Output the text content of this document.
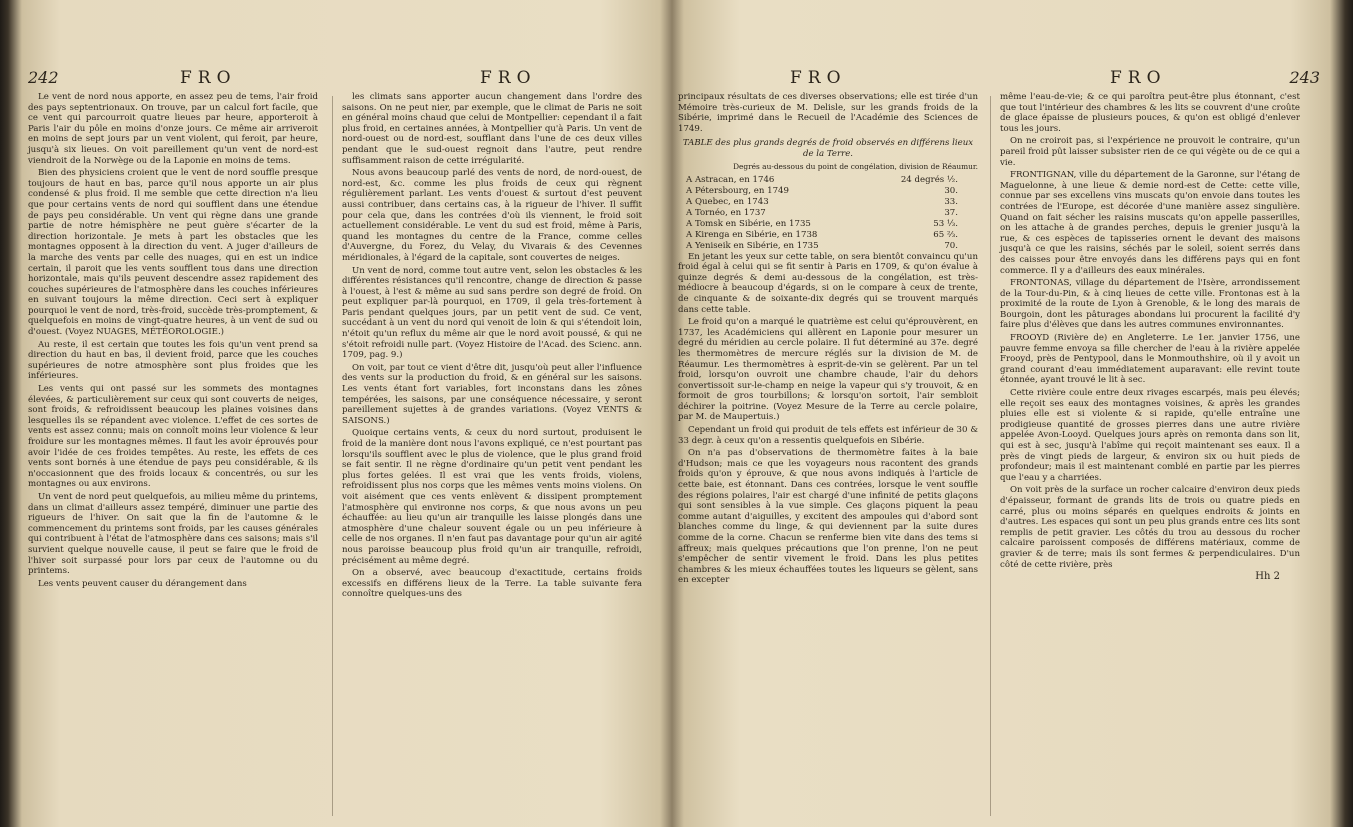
242	FRO	FRO

Le vent de nord nous apporte, en assez peu de tems, l'air froid des pays septentrionaux. On trouve, par un calcul fort facile, que ce vent qui parcourroit quatre lieues par heure, apporteroit à Paris l'air du pôle en moins d'onze jours. Ce même air arriveroit en moins de sept jours par un vent violent, qui feroit, par heure, jusqu'à six lieues. On voit pareillement qu'un vent de nord-est viendroit de la Norwège ou de la Laponie en moins de tems.

Bien des physiciens croient que le vent de nord souffle presque toujours de haut en bas, parce qu'il nous apporte un air plus condensé & plus froid. Il me semble que cette direction n'a lieu que pour certains vents de nord qui soufflent dans une étendue de pays peu considérable. Un vent qui règne dans une grande partie de notre hémisphère ne peut guère s'écarter de la direction horizontale. Je mets à part les obstacles que les montagnes opposent à la direction du vent. A juger d'ailleurs de la marche des vents par celle des nuages, qui en est un indice certain, il paroit que les vents soufflent tous dans une direction horizontale, mais qu'ils peuvent descendre assez rapidement des couches supérieures de l'atmosphère dans les couches inférieures en suivant toujours la même direction. Ceci sert à expliquer pourquoi le vent de nord, très-froid, succède très-promptement, & quelquefois en moins de vingt-quatre heures, à un vent de sud ou d'ouest. (Voyez NUAGES, MÉTÉOROLOGIE.)

Au reste, il est certain que toutes les fois qu'un vent prend sa direction du haut en bas, il devient froid, parce que les couches supérieures de notre atmosphère sont plus froides que les inférieures.

Les vents qui ont passé sur les sommets des montagnes élevées, & particulièrement sur ceux qui sont couverts de neiges, sont froids, & refroidissent beaucoup les plaines voisines dans lesquelles ils se répandent avec violence. L'effet de ces sortes de vents est assez connu; mais on connoît moins leur violence & leur froidure sur les montagnes mêmes. Il faut les avoir éprouvés pour avoir l'idée de ces froides tempêtes. Au reste, les effets de ces vents sont bornés à une étendue de pays peu considérable, & ils n'occasionnent que des froids locaux & concentrés, ou sur les montagnes ou aux environs.

Un vent de nord peut quelquefois, au milieu même du printems, dans un climat d'ailleurs assez tempéré, diminuer une partie des rigueurs de l'hiver. On sait que la fin de l'automne & le commencement du printems sont froids, par les causes générales qui contribuent à l'état de l'atmosphère dans ces saisons; mais s'il survient quelque nouvelle cause, il peut se faire que le froid de l'hiver soit surpassé pour lors par ceux de l'automne ou du printems.

Les vents peuvent causer du dérangement dans

les climats sans apporter aucun changement dans l'ordre des saisons. On ne peut nier, par exemple, que le climat de Paris ne soit en général moins chaud que celui de Montpellier: cependant il a fait plus froid, en certaines années, à Montpellier qu'à Paris. Un vent de nord-ouest ou de nord-est, soufflant dans l'une de ces deux villes pendant que le sud-ouest regnoit dans l'autre, peut rendre suffisamment raison de cette irrégularité.

Nous avons beaucoup parlé des vents de nord, de nord-ouest, de nord-est, &c. comme les plus froids de ceux qui règnent régulièrement parlant. Les vents d'ouest & surtout d'est peuvent aussi contribuer, dans certains cas, à la rigueur de l'hiver. Il suffit pour cela que, dans les contrées d'où ils viennent, le froid soit actuellement considérable. Le vent du sud est froid, même à Paris, quand les montagnes du centre de la France, comme celles d'Auvergne, du Forez, du Velay, du Vivarais & des Cevennes méridionales, à l'égard de la capitale, sont couvertes de neiges.

Un vent de nord, comme tout autre vent, selon les obstacles & les différentes résistances qu'il rencontre, change de direction & passe à l'ouest, à l'est & même au sud sans perdre son degré de froid. On peut expliquer par-là pourquoi, en 1709, il gela très-fortement à Paris pendant quelques jours, par un petit vent de sud. Ce vent, succédant à un vent du nord qui venoit de loin & qui s'étendoit loin, n'étoit qu'un reflux du même air que le nord avoit poussé, & qui ne s'étoit refroidi nulle part. (Voyez Histoire de l'Acad. des Scienc. ann. 1709, pag. 9.)

On voit, par tout ce vient d'être dit, jusqu'où peut aller l'influence des vents sur la production du froid, & en général sur les saisons. Les vents étant fort variables, fort inconstans dans les zônes tempérées, les saisons, par une conséquence nécessaire, y seront pareillement sujettes à de grandes variations. (Voyez VENTS & SAISONS.)

Quoique certains vents, & ceux du nord surtout, produisent le froid de la manière dont nous l'avons expliqué, ce n'est pourtant pas lorsqu'ils soufflent avec le plus de violence, que le plus grand froid se fait sentir. Il ne règne d'ordinaire qu'un petit vent pendant les plus fortes gelées. Il est vrai que les vents froids, violens, refroidissent plus nos corps que les mêmes vents moins violens. On voit aisément que ces vents enlèvent & dissipent promptement l'atmosphère qui environne nos corps, & que nous avons un peu échauffée: au lieu qu'un air tranquille les laisse plongés dans une atmosphère d'une chaleur souvent égale ou un peu inférieure à celle de nos organes. Il n'en faut pas davantage pour qu'un air agité nous paroisse beaucoup plus froid qu'un air tranquille, refroidi, précisément au même degré.

On a observé, avec beaucoup d'exactitude, certains froids excessifs en différens lieux de la Terre. La table suivante fera connoître quelques-uns des

FRO	FRO	243

principaux résultats de ces diverses observations; elle est tirée d'un Mémoire très-curieux de M. Delisle, sur les grands froids de la Sibérie, imprimé dans le Recueil de l'Académie des Sciences de 1749.

TABLE des plus grands degrés de froid observés en différens lieux de la Terre.

Degrés au-dessous du point de congélation, division de Réaumur.
A Astracan, en 1746	24 degrés ½.
A Pétersbourg, en 1749	30.
A Quebec, en 1743	33.
A Tornéo, en 1737	37.
A Tomsk en Sibérie, en 1735	53 ⅓.
A Kirenga en Sibérie, en 1738	65 ⅔.
A Yeniseik en Sibérie, en 1735	70.

En jetant les yeux sur cette table, on sera bientôt convaincu qu'un froid égal à celui qui se fit sentir à Paris en 1709, & qu'on évalue à quinze degrés & demi au-dessous de la congélation, est très-médiocre à beaucoup d'égards, si on le compare à ceux de trente, de cinquante & de soixante-dix degrés qui se trouvent marqués dans cette table.

Le froid qu'on a marqué le quatrième est celui qu'éprouvèrent, en 1737, les Académiciens qui allèrent en Laponie pour mesurer un degré du méridien au cercle polaire. Il fut déterminé au 37e. degré les thermomètres de mercure réglés sur la division de M. de Réaumur. Les thermomètres à esprit-de-vin se gelèrent. Par un tel froid, lorsqu'on ouvroit une chambre chaude, l'air du dehors convertissoit sur-le-champ en neige la vapeur qui s'y trouvoit, & en formoit de gros tourbillons; & lorsqu'on sortoit, l'air sembloit déchirer la poitrine. (Voyez Mesure de la Terre au cercle polaire, par M. de Maupertuis.)

Cependant un froid qui produit de tels effets est inférieur de 30 & 33 degr. à ceux qu'on a ressentis quelquefois en Sibérie.

On n'a pas d'observations de thermomètre faites à la baie d'Hudson; mais ce que les voyageurs nous racontent des grands froids qu'on y éprouve, & que nous avons indiqués à l'article de cette baie, est étonnant. Dans ces contrées, lorsque le vent souffle des régions polaires, l'air est chargé d'une infinité de petits glaçons qui sont sensibles à la vue simple. Ces glaçons piquent la peau comme autant d'aiguilles, y excitent des ampoules qui d'abord sont blanches comme du linge, & qui deviennent par la suite dures comme de la corne. Chacun se renferme bien vite dans des tems si affreux; mais quelques précautions que l'on prenne, l'on ne peut s'empêcher de sentir vivement le froid. Dans les plus petites chambres & les mieux échauffées toutes les liqueurs se gèlent, sans en excepter

même l'eau-de-vie; & ce qui paroîtra peut-être plus étonnant, c'est que tout l'intérieur des chambres & les lits se couvrent d'une croûte de glace épaisse de plusieurs pouces, & qu'on est obligé d'enlever tous les jours.

On ne croiroit pas, si l'expérience ne prouvoit le contraire, qu'un pareil froid pût laisser subsister rien de ce qui végète ou de ce qui a vie.

FRONTIGNAN, ville du département de la Garonne, sur l'étang de Maguelonne, à une lieue & demie nord-est de Cette: cette ville, connue par ses excellens vins muscats qu'on envoie dans toutes les contrées de l'Europe, est décorée d'une manière assez singulière. Quand on fait sécher les raisins muscats qu'on appelle passerilles, on les attache à de grandes perches, depuis le grenier jusqu'à la rue, & ces espèces de tapisseries ornent le devant des maisons jusqu'à ce que les raisins, séchés par le soleil, soient serrés dans des caisses pour être envoyés dans les différens pays qui en font commerce. Il y a d'ailleurs des eaux minérales.

FRONTONAS, village du département de l'Isère, arrondissement de la Tour-du-Pin, & à cinq lieues de cette ville. Frontonas est à la proximité de la route de Lyon à Grenoble, & le long des marais de Bourgoin, dont les pâturages abondans lui procurent la facilité d'y faire plus d'élèves que dans les autres communes environnantes.

FROOYD (Rivière de) en Angleterre. Le 1er. janvier 1756, une pauvre femme envoya sa fille chercher de l'eau à la rivière appelée Frooyd, près de Pentypool, dans le Monmouthshire, où il y avoit un grand courant d'eau immédiatement auparavant: elle revint toute étonnée, ayant trouvé le lit à sec.

Cette rivière coule entre deux rivages escarpés, mais peu élevés; elle reçoit ses eaux des montagnes voisines, & après les grandes pluies elle est si violente & si rapide, qu'elle entraîne une prodigieuse quantité de grosses pierres dans une autre rivière appelée Avon-Looyd. Quelques jours après on remonta dans son lit, qui est à sec, jusqu'à l'abîme qui reçoit maintenant ses eaux. Il a près de vingt pieds de largeur, & environ six ou huit pieds de profondeur; mais il est maintenant comblé en partie par les pierres que l'eau y a charriées.

On voit près de la surface un rocher calcaire d'environ deux pieds d'épaisseur, formant de grands lits de trois ou quatre pieds en carré, plus ou moins séparés en quelques endroits & joints en d'autres. Les espaces qui sont un peu plus grands entre ces lits sont remplis de petit gravier. Les côtés du trou au dessous du rocher calcaire paroissent composés de différens matériaux, comme de gravier & de terre; mais ils sont fermes & perpendiculaires. D'un côté de cette rivière, près

Hh 2
